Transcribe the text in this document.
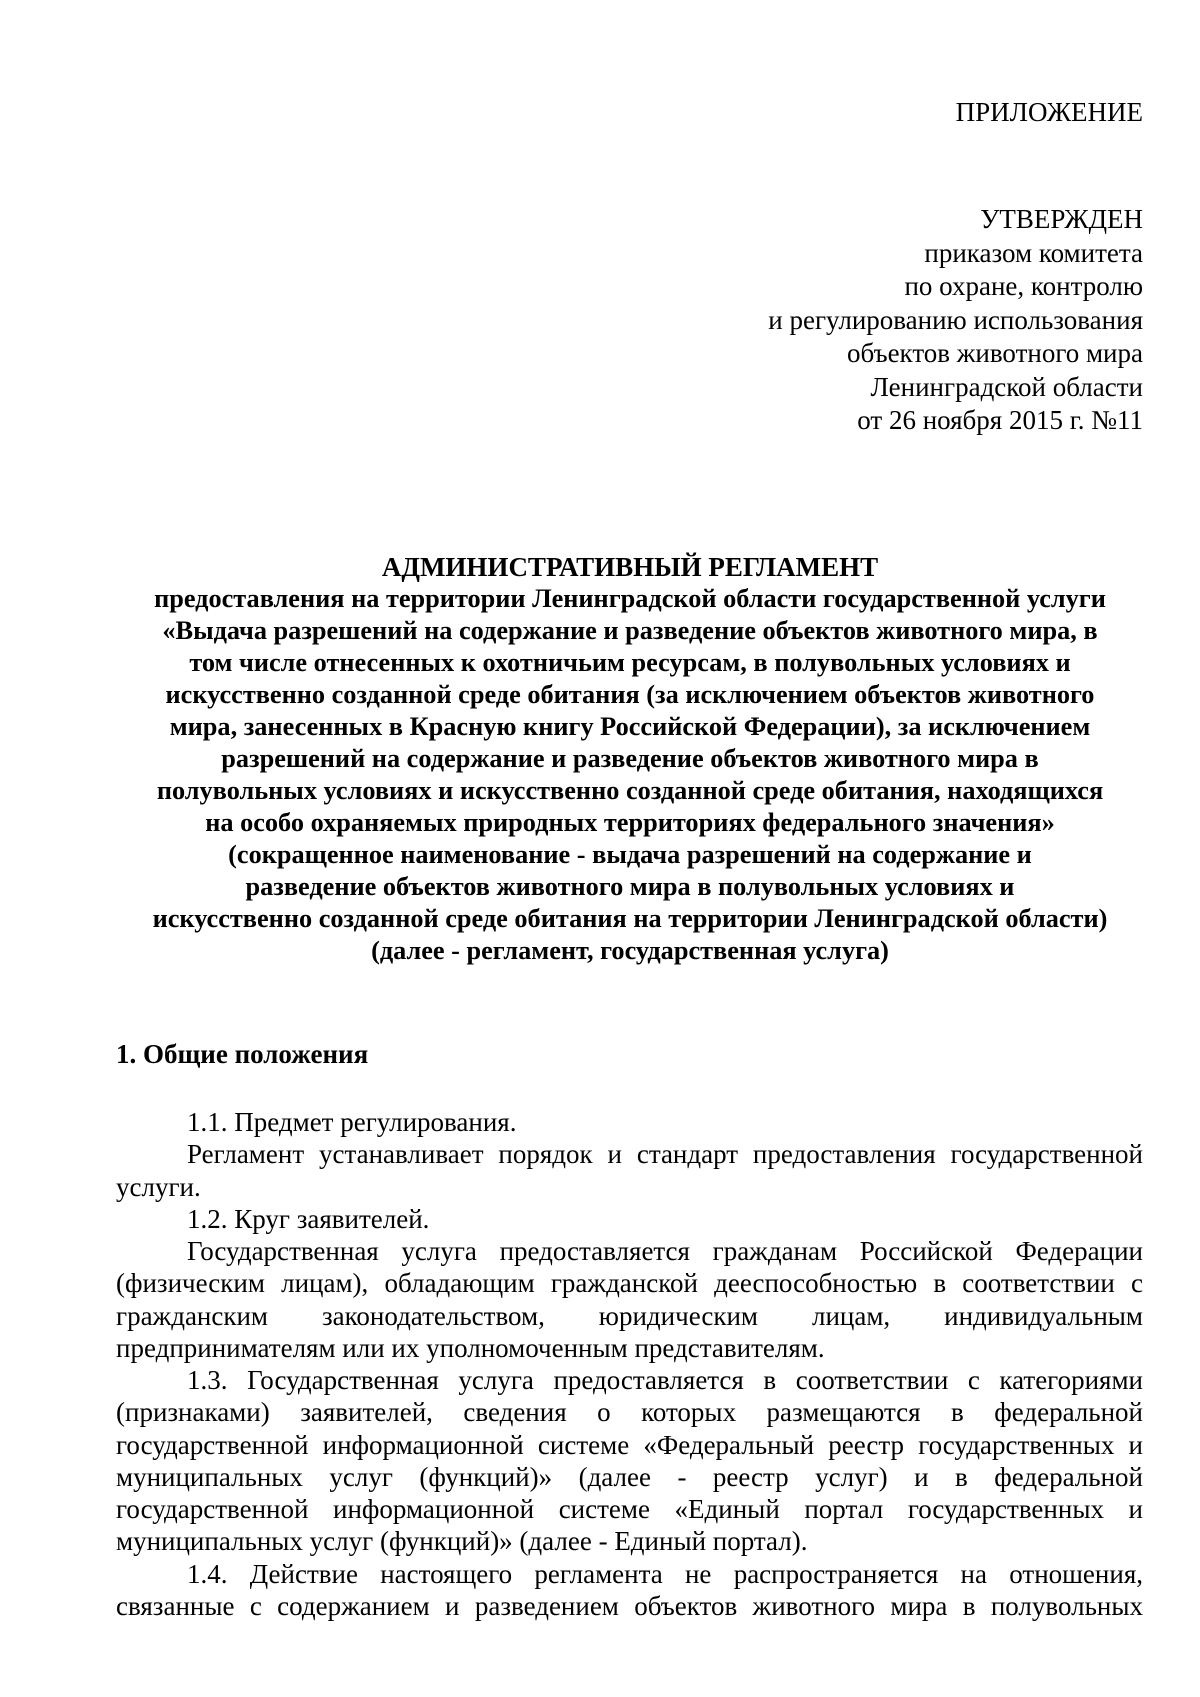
ПРИЛОЖЕНИЕ
УТВЕРЖДЕН
приказом комитета
по охране, контролю
и регулированию использования
объектов животного мира
Ленинградской области
от 26 ноября 2015 г. №11
АДМИНИСТРАТИВНЫЙ РЕГЛАМЕНТ
предоставления на территории Ленинградской области государственной услуги
«Выдача разрешений на содержание и разведение объектов животного мира, в
том числе отнесенных к охотничьим ресурсам, в полувольных условиях и
искусственно созданной среде обитания (за исключением объектов животного
мира, занесенных в Красную книгу Российской Федерации), за исключением
разрешений на содержание и разведение объектов животного мира в
полувольных условиях и искусственно созданной среде обитания, находящихся
на особо охраняемых природных территориях федерального значения»
(сокращенное наименование - выдача разрешений на содержание и
разведение объектов животного мира в полувольных условиях и
искусственно созданной среде обитания на территории Ленинградской области)
(далее - регламент, государственная услуга)
1. Общие положения

1.1. Предмет регулирования.

Регламент устанавливает порядок и стандарт предоставления государственной услуги.

1.2. Круг заявителей.

Государственная услуга предоставляется гражданам Российской Федерации (физическим лицам), обладающим гражданской дееспособностью в соответствии с гражданским законодательством, юридическим лицам, индивидуальным предпринимателям или их уполномоченным представителям.

1.3. Государственная услуга предоставляется в соответствии с категориями (признаками) заявителей, сведения о которых размещаются в федеральной государственной информационной системе «Федеральный реестр государственных и муниципальных услуг (функций)» (далее - реестр услуг) и в федеральной государственной информационной системе «Единый портал государственных и муниципальных услуг (функций)» (далее - Единый портал).

1.4. Действие настоящего регламента не распространяется на отношения, связанные с содержанием и разведением объектов животного мира в полувольных
